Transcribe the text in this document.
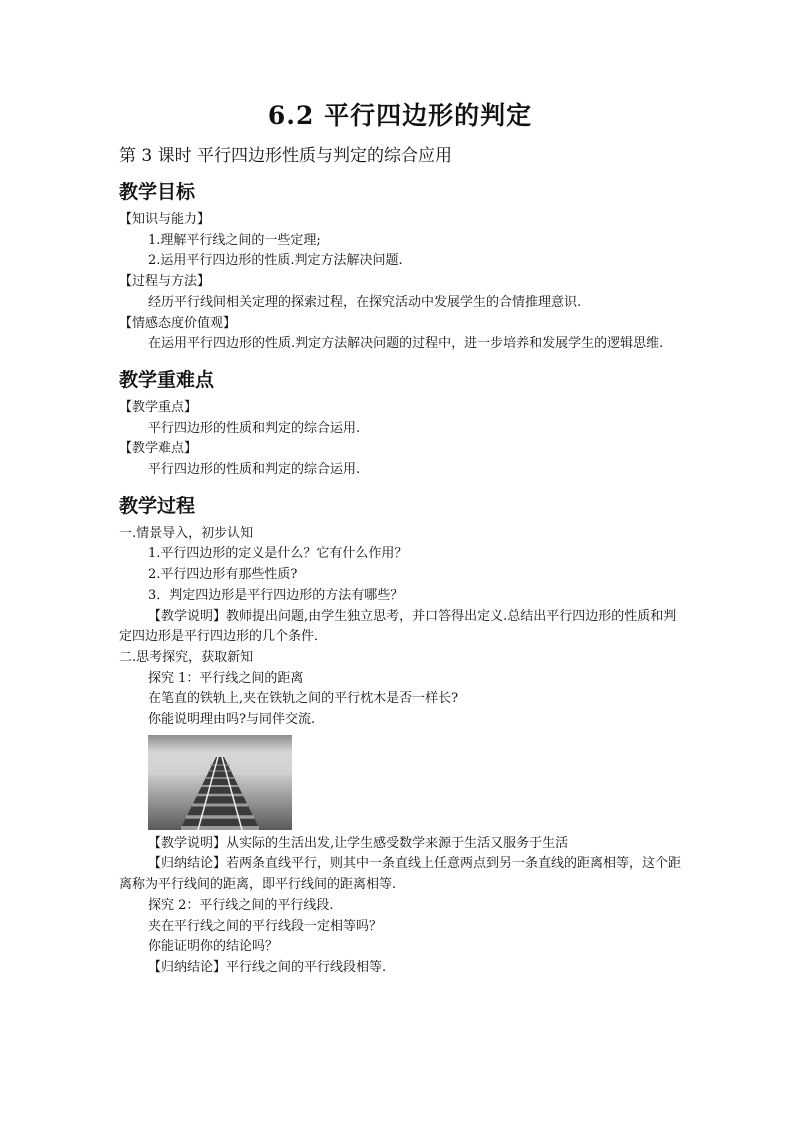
6.2 平行四边形的判定
第 3 课时 平行四边形性质与判定的综合应用
教学目标
【知识与能力】
1.理解平行线之间的一些定理;
2.运用平行四边形的性质.判定方法解决问题.
【过程与方法】
经历平行线间相关定理的探索过程，在探究活动中发展学生的合情推理意识.
【情感态度价值观】
在运用平行四边形的性质.判定方法解决问题的过程中，进一步培养和发展学生的逻辑思维.
教学重难点
【教学重点】
平行四边形的性质和判定的综合运用.
【教学难点】
平行四边形的性质和判定的综合运用.
教学过程
一.情景导入，初步认知
1.平行四边形的定义是什么？它有什么作用？
2.平行四边形有那些性质?
3．判定四边形是平行四边形的方法有哪些？
【教学说明】教师提出问题,由学生独立思考，并口答得出定义.总结出平行四边形的性质和判定四边形是平行四边形的几个条件．
二.思考探究，获取新知
探究 1：平行线之间的距离
在笔直的铁轨上,夹在铁轨之间的平行枕木是否一样长?
你能说明理由吗?与同伴交流.
【教学说明】从实际的生活出发,让学生感受数学来源于生活又服务于生活
【归纳结论】若两条直线平行，则其中一条直线上任意两点到另一条直线的距离相等，这个距离称为平行线间的距离，即平行线间的距离相等.
探究 2：平行线之间的平行线段.
夹在平行线之间的平行线段一定相等吗？
你能证明你的结论吗？
【归纳结论】平行线之间的平行线段相等.
